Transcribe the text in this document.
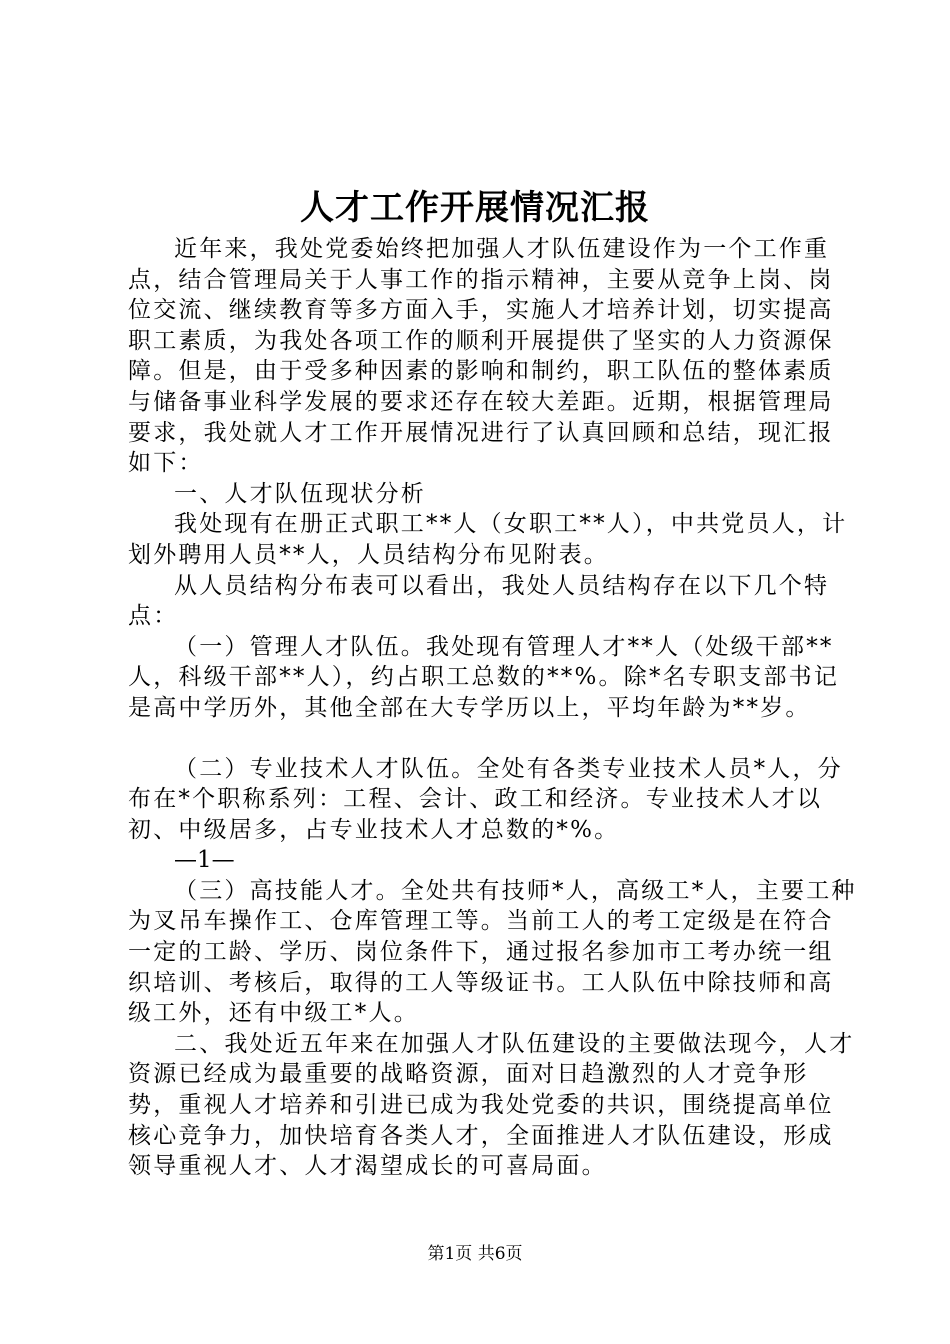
人才工作开展情况汇报

近年来，我处党委始终把加强人才队伍建设作为一个工作重点，结合管理局关于人事工作的指示精神，主要从竞争上岗、岗位交流、继续教育等多方面入手，实施人才培养计划，切实提高职工素质，为我处各项工作的顺利开展提供了坚实的人力资源保障。但是，由于受多种因素的影响和制约，职工队伍的整体素质与储备事业科学发展的要求还存在较大差距。近期，根据管理局要求，我处就人才工作开展情况进行了认真回顾和总结，现汇报如下：

一、人才队伍现状分析

我处现有在册正式职工**人（女职工**人），中共党员人，计划外聘用人员**人，人员结构分布见附表。

从人员结构分布表可以看出，我处人员结构存在以下几个特点：

（一）管理人才队伍。我处现有管理人才**人（处级干部**人，科级干部**人），约占职工总数的**%。除*名专职支部书记是高中学历外，其他全部在大专学历以上，平均年龄为**岁。

（二）专业技术人才队伍。全处有各类专业技术人员*人，分布在*个职称系列：工程、会计、政工和经济。专业技术人才以初、中级居多，占专业技术人才总数的*%。

—1—

（三）高技能人才。全处共有技师*人，高级工*人，主要工种为叉吊车操作工、仓库管理工等。当前工人的考工定级是在符合一定的工龄、学历、岗位条件下，通过报名参加市工考办统一组织培训、考核后，取得的工人等级证书。工人队伍中除技师和高级工外，还有中级工*人。

二、我处近五年来在加强人才队伍建设的主要做法现今，人才资源已经成为最重要的战略资源，面对日趋激烈的人才竞争形势，重视人才培养和引进已成为我处党委的共识，围绕提高单位核心竞争力，加快培育各类人才，全面推进人才队伍建设，形成领导重视人才、人才渴望成长的可喜局面。

第1页 共6页
